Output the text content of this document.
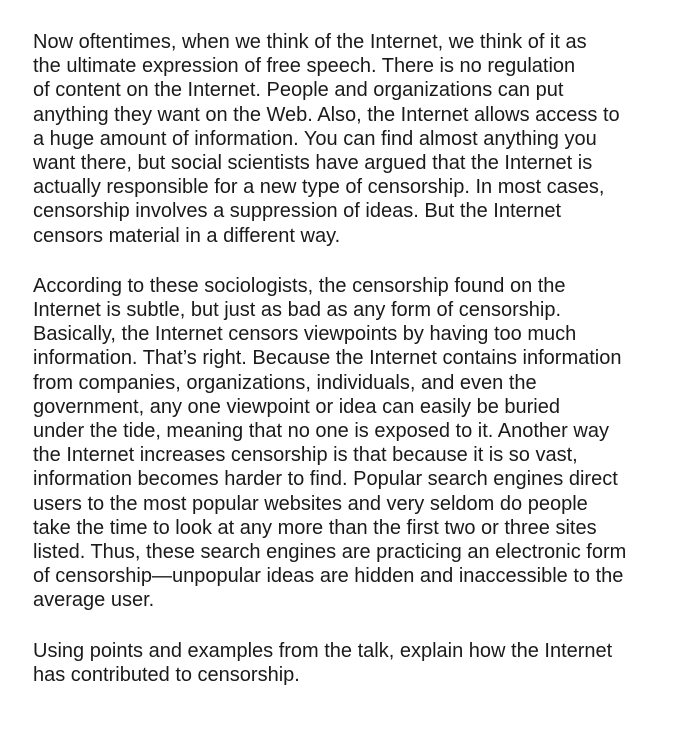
Now oftentimes, when we think of the Internet, we think of it as
the ultimate expression of free speech. There is no regulation
of content on the Internet. People and organizations can put
anything they want on the Web. Also, the Internet allows access to
a huge amount of information. You can find almost anything you
want there, but social scientists have argued that the Internet is
actually responsible for a new type of censorship. In most cases,
censorship involves a suppression of ideas. But the Internet
censors material in a different way.

According to these sociologists, the censorship found on the
Internet is subtle, but just as bad as any form of censorship.
Basically, the Internet censors viewpoints by having too much
information. That’s right. Because the Internet contains information
from companies, organizations, individuals, and even the
government, any one viewpoint or idea can easily be buried
under the tide, meaning that no one is exposed to it. Another way
the Internet increases censorship is that because it is so vast,
information becomes harder to find. Popular search engines direct
users to the most popular websites and very seldom do people
take the time to look at any more than the first two or three sites
listed. Thus, these search engines are practicing an electronic form
of censorship—unpopular ideas are hidden and inaccessible to the
average user.

Using points and examples from the talk, explain how the Internet
has contributed to censorship.
